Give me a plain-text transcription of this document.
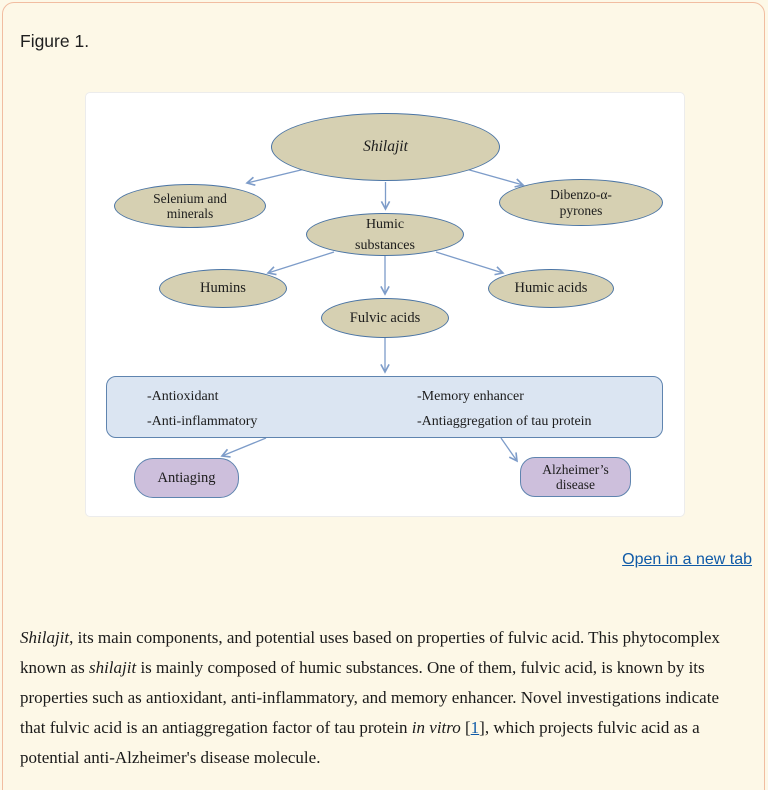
Figure 1.
Shilajit
Selenium and
minerals
Dibenzo-α-
pyrones
Humic
substances
Humins	Humic acids
Fulvic acids
-Antioxidant
-Anti-inflammatory
-Memory enhancer
-Antiaggregation of tau protein
Antiaging
Alzheimer’s
disease
Open in a new tab

Shilajit, its main components, and potential uses based on properties of fulvic acid. This phytocomplex known as shilajit is mainly composed of humic substances. One of them, fulvic acid, is known by its properties such as antioxidant, anti-inflammatory, and memory enhancer. Novel investigations indicate that fulvic acid is an antiaggregation factor of tau protein in vitro [1], which projects fulvic acid as a potential anti-Alzheimer's disease molecule.
